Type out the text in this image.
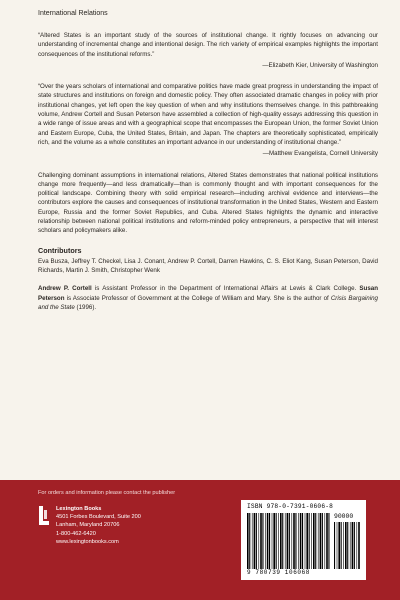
International Relations

“Altered States is an important study of the sources of institutional change. It rightly focuses on advancing our understanding of incremental change and intentional design. The rich variety of empirical examples highlights the important consequences of the institutional reforms.”

—Elizabeth Kier, University of Washington

“Over the years scholars of international and comparative politics have made great progress in understanding the impact of state structures and institutions on foreign and domestic policy. They often associated dramatic changes in policy with prior institutional changes, yet left open the key question of when and why institutions themselves change. In this pathbreaking volume, Andrew Cortell and Susan Peterson have assembled a collection of high-quality essays addressing this question in a wide range of issue areas and with a geographical scope that encompasses the European Union, the former Soviet Union and Eastern Europe, Cuba, the United States, Britain, and Japan. The chapters are theoretically sophisticated, empirically rich, and the volume as a whole constitutes an important advance in our understanding of institutional change.”

—Matthew Evangelista, Cornell University

Challenging dominant assumptions in international relations, Altered States demonstrates that national political institutions change more frequently—and less dramatically—than is commonly thought and with important consequences for the political landscape. Combining theory with solid empirical research—including archival evidence and interviews—the contributors explore the causes and consequences of institutional transformation in the United States, Western and Eastern Europe, Russia and the former Soviet Republics, and Cuba. Altered States highlights the dynamic and interactive relationship between national political institutions and reform-minded policy entrepreneurs, a perspective that will interest scholars and policymakers alike.

Contributors

Eva Busza, Jeffrey T. Checkel, Lisa J. Conant, Andrew P. Cortell, Darren Hawkins, C. S. Eliot Kang, Susan Peterson, David Richards, Martin J. Smith, Christopher Wenk

Andrew P. Cortell is Assistant Professor in the Department of International Affairs at Lewis & Clark College. Susan Peterson is Associate Professor of Government at the College of William and Mary. She is the author of Crisis Bargaining and the State (1996).

For orders and information please contact the publisher
Lexington Books
4501 Forbes Boulevard, Suite 200
Lanham, Maryland 20706
1-800-462-6420
www.lexingtonbooks.com
ISBN 978-0-7391-0606-8
90000
9 780739 106068
